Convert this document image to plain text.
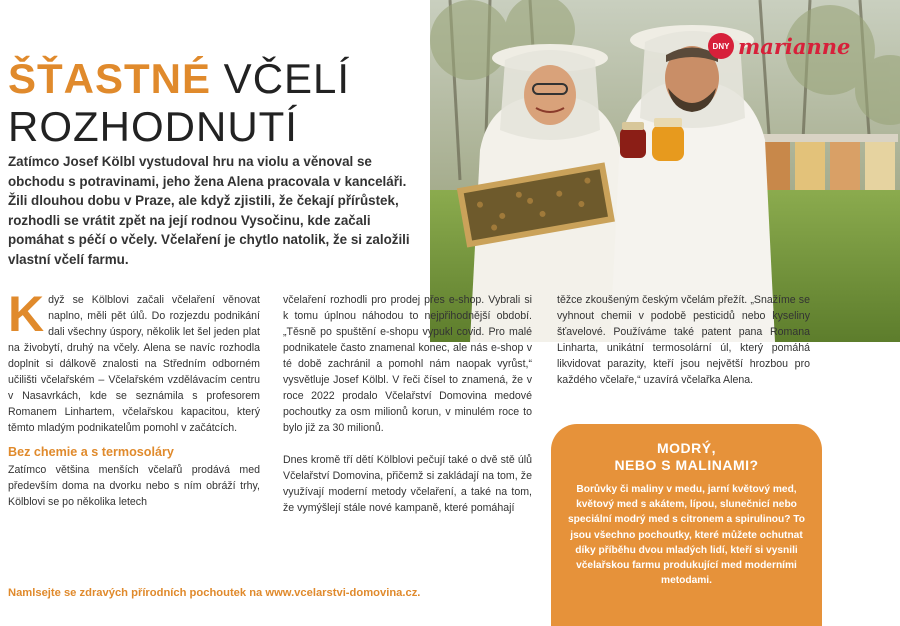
ŠŤASTNÉ VČELÍ
ROZHODNUTÍ

Zatímco Josef Kölbl vystudoval hru na violu a věnoval se obchodu s potravinami, jeho žena Alena pracovala v kanceláři. Žili dlouhou dobu v Praze, ale když zjistili, že čekají přírůstek, rozhodli se vrátit zpět na její rodnou Vysočinu, kde začali pomáhat s péčí o včely. Včelaření je chytlo natolik, že si založili vlastní včelí farmu.

DNY marianne

Když se Kölblovi začali včelaření věnovat naplno, měli pět úlů. Do rozjezdu podnikání dali všechny úspory, několik let šel jeden plat na živobytí, druhý na včely. Alena se navíc rozhodla doplnit si dálkově znalosti na Středním odborném učilišti včelařském – Včelařském vzdělávacím centru v Nasavrkách, kde se seznámila s profesorem Romanem Linhartem, včelařskou kapacitou, který těmto mladým podnikatelům pomohl v začátcích.

Bez chemie a s termosoláry

Zatímco většina menších včelařů prodává med především doma na dvorku nebo s ním obráží trhy, Kölblovi se po několika letech

včelaření rozhodli pro prodej přes e-shop. Vybrali si k tomu úplnou náhodou to nejpřihodnější období. „Těsně po spuštění e-shopu vypukl covid. Pro malé podnikatele často znamenal konec, ale nás e-shop v té době zachránil a pomohl nám naopak vyrůst,“ vysvětluje Josef Kölbl. V řeči čísel to znamená, že v roce 2022 prodalo Včelařství Domovina medové pochoutky za osm milionů korun, v minulém roce to bylo již za 30 milionů.

Dnes kromě tří dětí Kölblovi pečují také o dvě stě úlů Včelařství Domovina, přičemž si zakládají na tom, že využívají moderní metody včelaření, a také na tom, že vymýšlejí stále nové kampaně, které pomáhají

těžce zkoušeným českým včelám přežít. „Snažíme se vyhnout chemii v podobě pesticidů nebo kyseliny šťavelové. Používáme také patent pana Romana Linharta, unikátní termosolární úl, který pomáhá likvidovat parazity, kteří jsou největší hrozbou pro každého včelaře,“ uzavírá včelařka Alena.

MODRÝ,
NEBO S MALINAMI?
Borůvky či maliny v medu, jarní květový med, květový med s akátem, lípou, slunečnicí nebo speciální modrý med s citronem a spirulinou? To jsou všechno pochoutky, které můžete ochutnat díky příběhu dvou mladých lidí, kteří si vysnili včelařskou farmu produkující med moderními metodami.
Namlsejte se zdravých přírodních pochoutek na www.vcelarstvi-domovina.cz.
